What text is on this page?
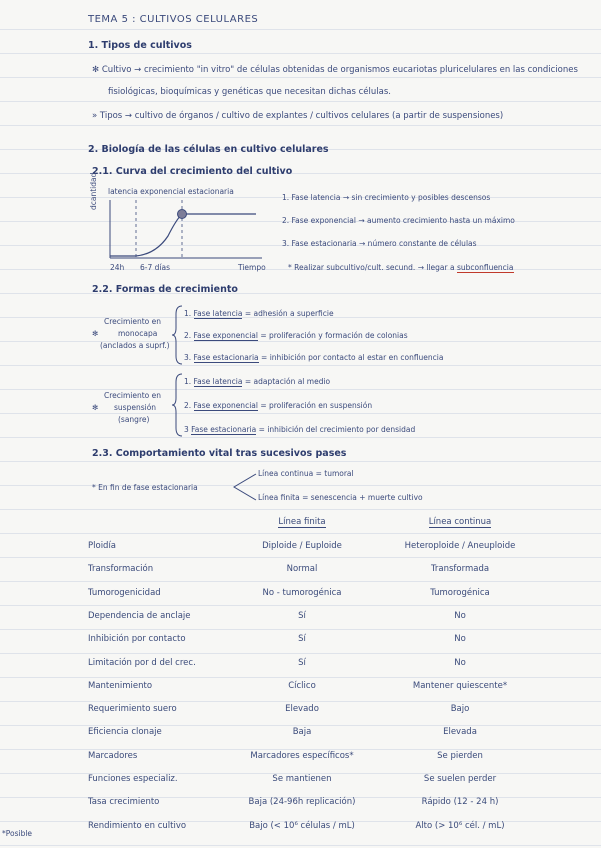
TEMA 5 : CULTIVOS CELULARES
1. Tipos de cultivos
✻ Cultivo → crecimiento "in vitro" de células obtenidas de organismos eucariotas pluricelulares en las condiciones
fisiológicas, bioquímicas y genéticas que necesitan dichas células.
» Tipos → cultivo de órganos / cultivo de explantes / cultivos celulares (a partir de suspensiones)
2. Biología de las células en cultivo celulares
2.1. Curva del crecimiento del cultivo
latencia exponencial estacionaria
dcantidad
24h 6-7 días	Tiempo
1. Fase latencia → sin crecimiento y posibles descensos
2. Fase exponencial → aumento crecimiento hasta un máximo
3. Fase estacionaria → número constante de células
* Realizar subcultivo/cult. secund. → llegar a subconfluencia
2.2. Formas de crecimiento
Crecimiento en
✻	monocapa
(anclados a suprf.)
1. Fase latencia = adhesión a superficie
2. Fase exponencial = proliferación y formación de colonias
3. Fase estacionaria = inhibición por contacto al estar en confluencia
Crecimiento en
✻ suspensión
(sangre)
1. Fase latencia = adaptación al medio
2. Fase exponencial = proliferación en suspensión
3 Fase estacionaria = inhibición del crecimiento por densidad
2.3. Comportamiento vital tras sucesivos pases
* En fin de fase estacionaria
Línea continua = tumoral
Línea finita = senescencia + muerte cultivo
Línea finita	Línea continua
Ploidía	Diploide / Euploide	Heteroploide / Aneuploide
Transformación	Normal	Transformada
Tumorogenicidad	No - tumorogénica	Tumorogénica
Dependencia de anclaje	Sí	No
Inhibición por contacto	Sí	No
Limitación por d del crec.	Sí	No
Mantenimiento	Cíclico	Mantener quiescente*
Requerimiento suero	Elevado	Bajo
Eficiencia clonaje	Baja	Elevada
Marcadores	Marcadores específicos*	Se pierden
Funciones especializ.	Se mantienen	Se suelen perder
Tasa crecimiento	Baja (24-96h replicación)	Rápido (12 - 24 h)
Rendimiento en cultivo	Bajo (< 10⁶ células / mL)	Alto (> 10⁶ cél. / mL)
*Posible
